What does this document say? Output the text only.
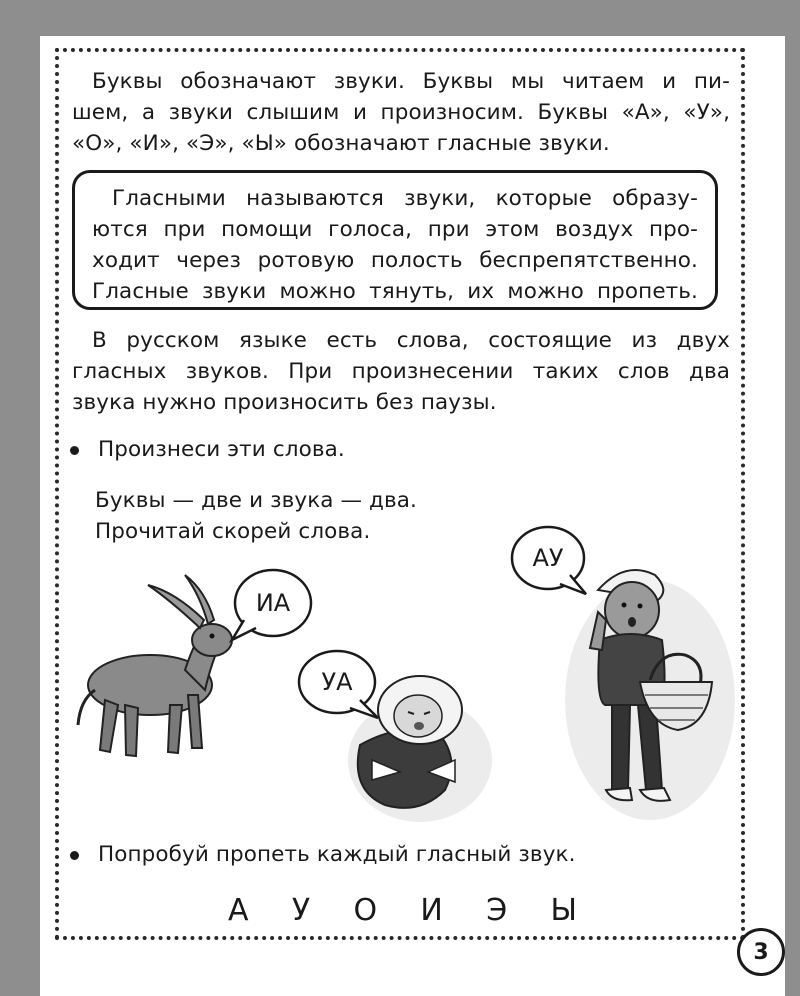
Буквы обозначают звуки. Буквы мы читаем и пи-
шем, а звуки слышим и произносим. Буквы «А», «У»,
«О», «И», «Э», «Ы» обозначают гласные звуки.
Гласными называются звуки, которые образу-
ются при помощи голоса, при этом воздух про-
ходит через ротовую полость беспрепятственно.
Гласные звуки можно тянуть, их можно пропеть.
В русском языке есть слова, состоящие из двух
гласных звуков. При произнесении таких слов два
звука нужно произносить без паузы.
Произнеси эти слова.
Буквы — две и звука — два.
Прочитай скорей слова.
ИА
УА
АУ
Попробуй пропеть каждый гласный звук.
А У О И Э Ы
3
